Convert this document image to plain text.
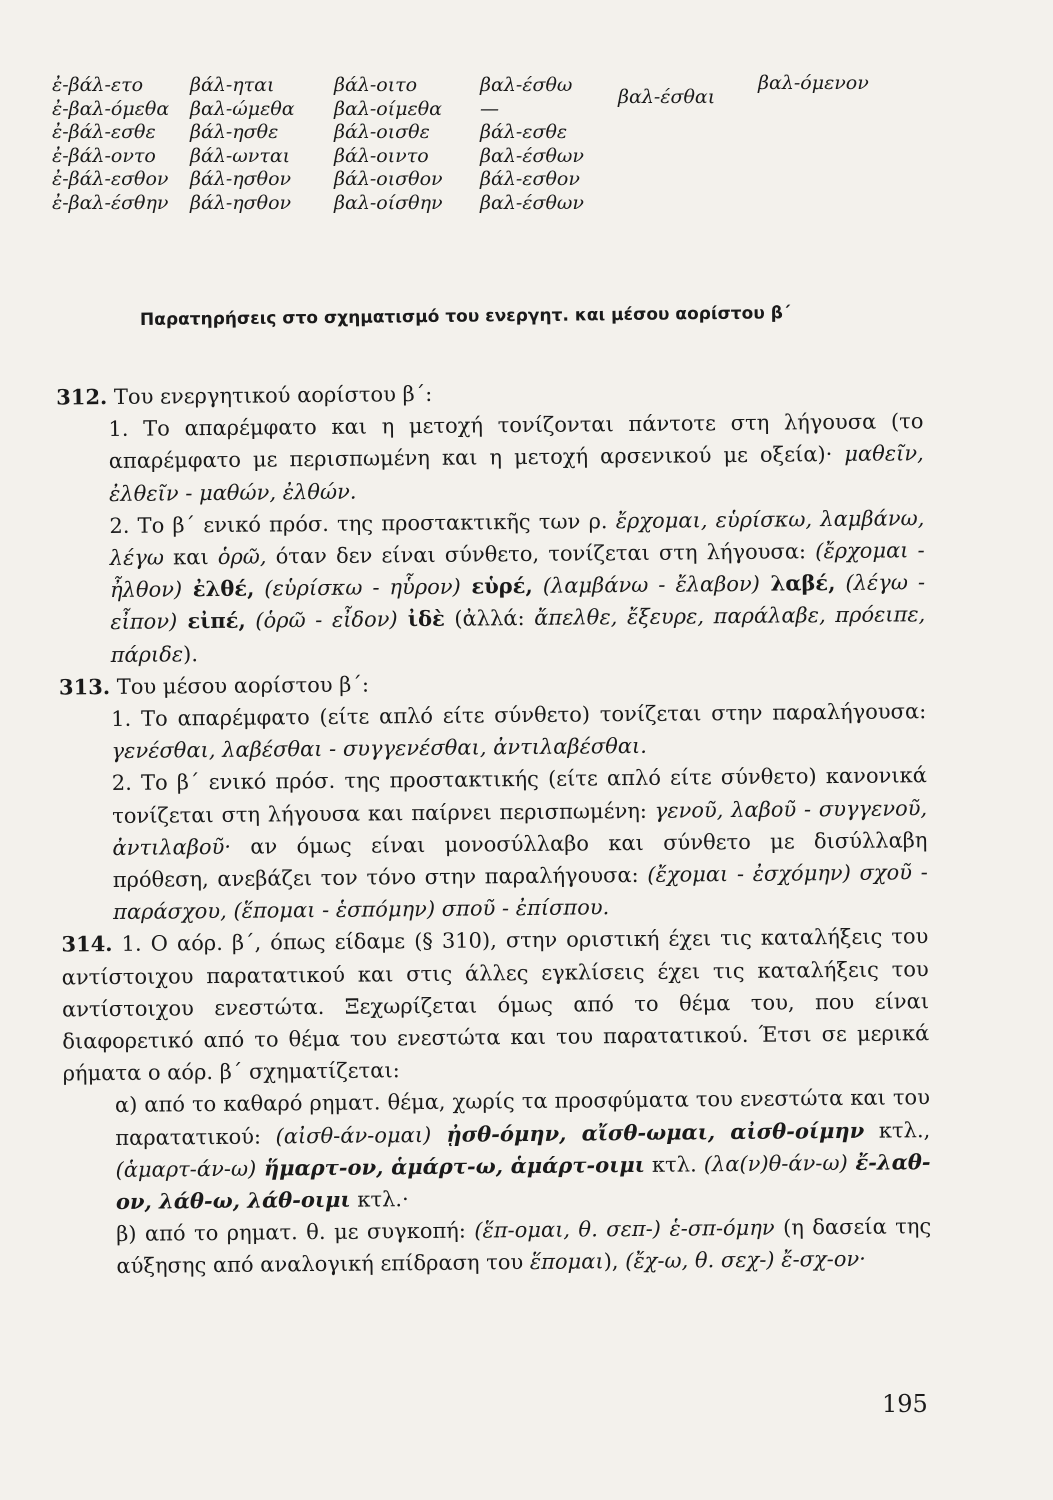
ἐ-βάλ-ετο
ἐ-βαλ-όμεθα
ἐ-βάλ-εσθε
ἐ-βάλ-οντο
ἐ-βάλ-εσθον
ἐ-βαλ-έσθην
βάλ-ηται
βαλ-ώμεθα
βάλ-ησθε
βάλ-ωνται
βάλ-ησθον
βάλ-ησθον
βάλ-οιτο
βαλ-οίμεθα
βάλ-οισθε
βάλ-οιντο
βάλ-οισθον
βαλ-οίσθην
βαλ-έσθω
—
βάλ-εσθε
βαλ-έσθων
βάλ-εσθον
βαλ-έσθων
βαλ-έσθαι
βαλ-όμενον
Παρατηρήσεις στο σχηματισμό του ενεργητ. και μέσου αορίστου β΄

312. Του ενεργητικού αορίστου β΄:

1. Το απαρέμφατο και η μετοχή τονίζονται πάντοτε στη λήγουσα (το απαρέμφατο με περισπωμένη και η μετοχή αρσενικού με οξεία)· μαθεῖν, ἐλθεῖν - μαθών, ἐλθών.

2. Το β΄ ενικό πρόσ. της προστακτικῆς των ρ. ἔρχομαι, εὑρίσκω, λαμβάνω, λέγω και ὁρῶ, όταν δεν είναι σύνθετο, τονίζεται στη λήγουσα: (ἔρχομαι - ἦλθον) ἐλθέ, (εὑρίσκω - ηὗρον) εὑρέ, (λαμβάνω - ἔλαβον) λαβέ, (λέγω - εἶπον) εἰπέ, (ὁρῶ - εἶδον) ἰδὲ (ἀλλά: ἄπελθε, ἔξευρε, παράλαβε, πρόειπε, πάριδε).

313. Του μέσου αορίστου β΄:

1. Το απαρέμφατο (είτε απλό είτε σύνθετο) τονίζεται στην παραλήγουσα: γενέσθαι, λαβέσθαι - συγγενέσθαι, ἀντιλαβέσθαι.

2. Το β΄ ενικό πρόσ. της προστακτικής (είτε απλό είτε σύνθετο) κανονικά τονίζεται στη λήγουσα και παίρνει περισπωμένη: γενοῦ, λαβοῦ - συγγενοῦ, ἀντιλαβοῦ· αν όμως είναι μονοσύλλαβο και σύνθετο με δισύλλαβη πρόθεση, ανεβάζει τον τόνο στην παραλήγουσα: (ἔχομαι - ἐσχόμην) σχοῦ - παράσχου, (ἕπομαι - ἑσπόμην) σποῦ - ἐπίσπου.

314. 1. Ο αόρ. β΄, όπως είδαμε (§ 310), στην οριστική έχει τις καταλήξεις του αντίστοιχου παρατατικού και στις άλλες εγκλίσεις έχει τις καταλήξεις του αντίστοιχου ενεστώτα. Ξεχωρίζεται όμως από το θέμα του, που είναι διαφορετικό από το θέμα του ενεστώτα και του παρατατικού. Έτσι σε μερικά ρήματα ο αόρ. β΄ σχηματίζεται:

α) από το καθαρό ρηματ. θέμα, χωρίς τα προσφύματα του ενεστώτα και του παρατατικού: (αἰσθ-άν-ομαι) ᾐσθ-όμην, αἴσθ-ωμαι, αἰσθ-οίμην κτλ., (ἁμαρτ-άν-ω) ἥμαρτ-ον, ἁμάρτ-ω, ἁμάρτ-οιμι κτλ. (λα(ν)θ-άν-ω) ἔ-λαθ-ον, λάθ-ω, λάθ-οιμι κτλ.·

β) από το ρηματ. θ. με συγκοπή: (ἕπ-ομαι, θ. σεπ-) ἑ-σπ-όμην (η δασεία της αύξησης από αναλογική επίδραση του ἕπομαι), (ἔχ-ω, θ. σεχ-) ἔ-σχ-ον·

195
